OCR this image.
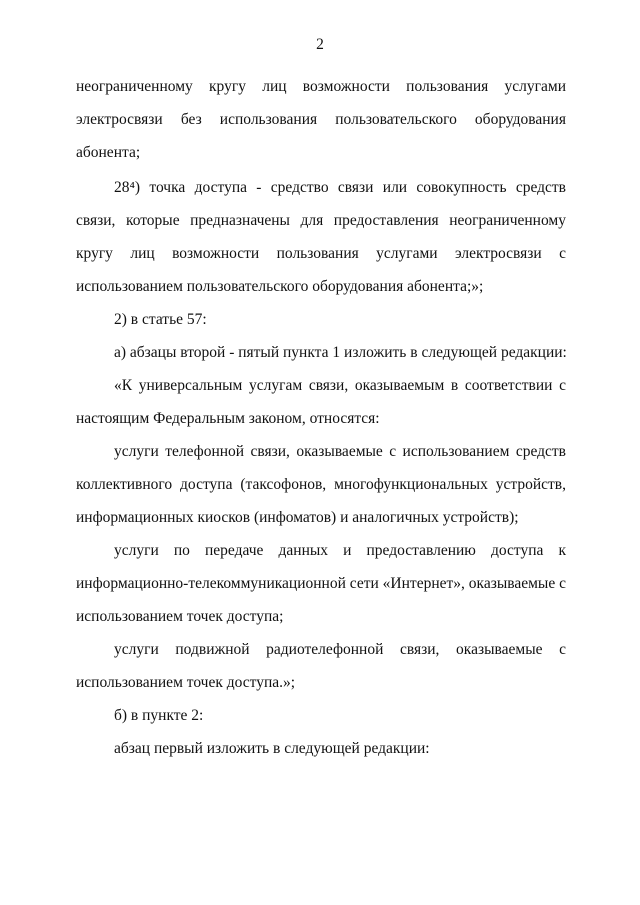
2
неограниченному кругу лиц возможности пользования услугами
электросвязи без использования пользовательского оборудования
абонента;
28⁴) точка доступа - средство связи или совокупность средств
связи, которые предназначены для предоставления неограниченному
кругу лиц возможности пользования услугами электросвязи с
использованием пользовательского оборудования абонента;»;
2) в статье 57:
а) абзацы второй - пятый пункта 1 изложить в следующей редакции:
«К универсальным услугам связи, оказываемым в соответствии с
настоящим Федеральным законом, относятся:
услуги телефонной связи, оказываемые с использованием средств
коллективного доступа (таксофонов, многофункциональных устройств,
информационных киосков (инфоматов) и аналогичных устройств);
услуги по передаче данных и предоставлению доступа к
информационно-телекоммуникационной сети «Интернет», оказываемые с
использованием точек доступа;
услуги подвижной радиотелефонной связи, оказываемые с
использованием точек доступа.»;
б) в пункте 2:
абзац первый изложить в следующей редакции:
